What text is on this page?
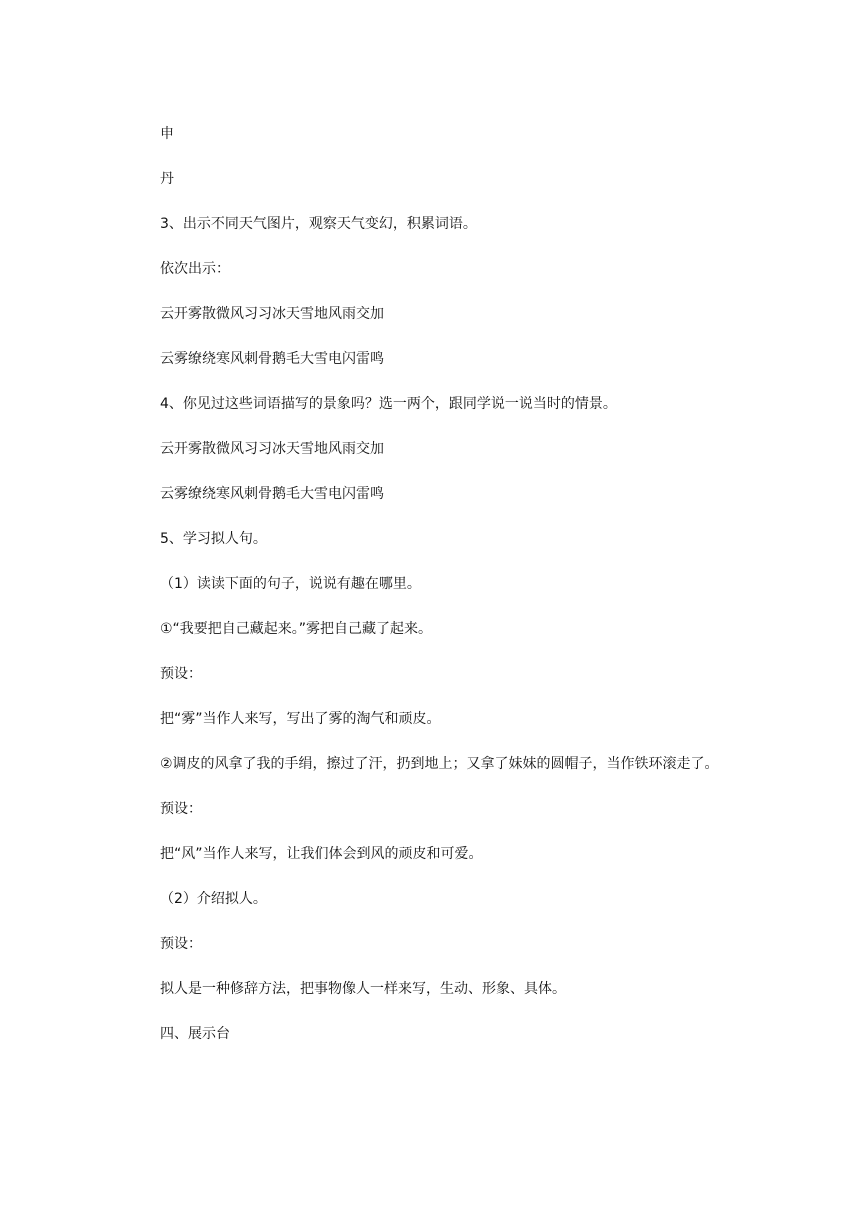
申

丹

3、出示不同天气图片，观察天气变幻，积累词语。

依次出示：

云开雾散微风习习冰天雪地风雨交加

云雾缭绕寒风刺骨鹅毛大雪电闪雷鸣

4、你见过这些词语描写的景象吗？选一两个，跟同学说一说当时的情景。

云开雾散微风习习冰天雪地风雨交加

云雾缭绕寒风刺骨鹅毛大雪电闪雷鸣

5、学习拟人句。

（1）读读下面的句子，说说有趣在哪里。

①“我要把自己藏起来。”雾把自己藏了起来。

预设：

把“雾”当作人来写，写出了雾的淘气和顽皮。

②调皮的风拿了我的手绢，擦过了汗，扔到地上；又拿了妹妹的圆帽子，当作铁环滚走了。

预设：

把“风”当作人来写，让我们体会到风的顽皮和可爱。

（2）介绍拟人。

预设：

拟人是一种修辞方法，把事物像人一样来写，生动、形象、具体。

四、展示台
